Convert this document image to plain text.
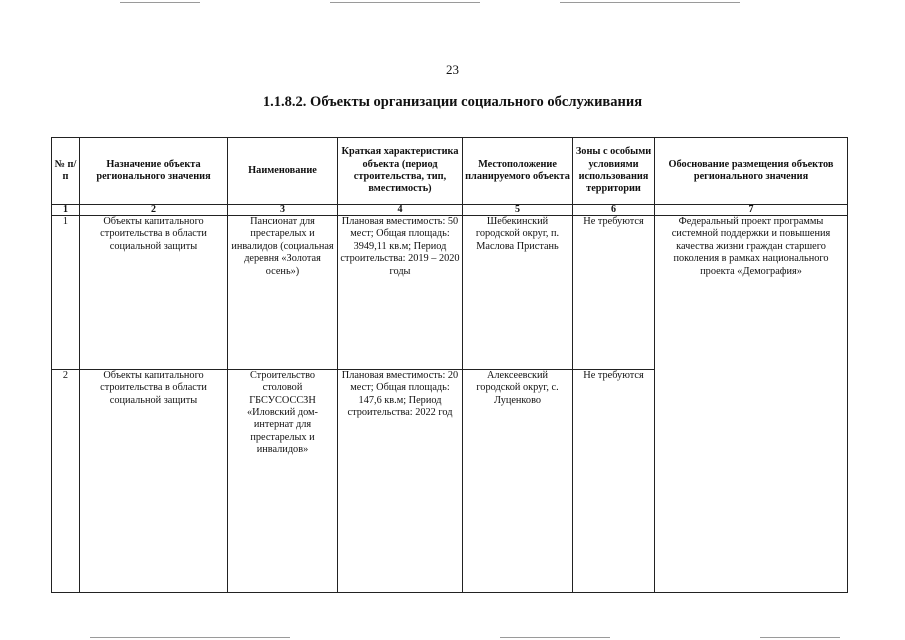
23
1.1.8.2. Объекты организации социального обслуживания
№ п/п	Назначение объекта регионального значения	Наименование	Краткая характеристика объекта (период строительства, тип, вместимость)	Местоположение планируемого объекта	Зоны с особыми условиями использования территории	Обоснование размещения объектов регионального значения
1	2	3	4	5	6	7
1	Объекты капитального строительства в области социальной защиты	Пансионат для престарелых и инвалидов (социальная деревня «Золотая осень»)	Плановая вместимость: 50 мест; Общая площадь: 3949,11 кв.м; Период строительства: 2019 – 2020 годы	Шебекинский городской округ, п. Маслова Пристань	Не требуются	Федеральный проект программы системной поддержки и повышения качества жизни граждан старшего поколения в рамках национального проекта «Демография»
2	Объекты капитального строительства в области социальной защиты	Строительство столовой ГБСУСОССЗН «Иловский дом-интернат для престарелых и инвалидов»	Плановая вместимость: 20 мест; Общая площадь: 147,6 кв.м; Период строительства: 2022 год	Алексеевский городской округ, с. Луценково	Не требуются	
